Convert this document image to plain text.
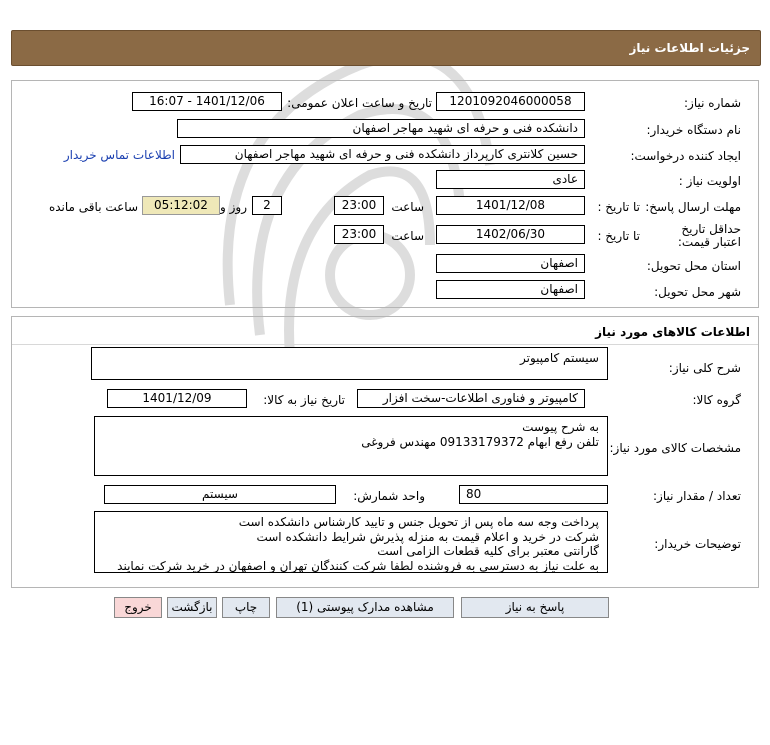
جزئیات اطلاعات نیاز
شماره نیاز:
1201092046000058
تاریخ و ساعت اعلان عمومی:
1401/12/06 - 16:07
نام دستگاه خریدار:
دانشکده فنی و حرفه ای شهید مهاجر اصفهان
ایجاد کننده درخواست:
حسین کلانتری کارپرداز دانشکده فنی و حرفه ای شهید مهاجر اصفهان
اطلاعات تماس خریدار
اولویت نیاز :
عادی
مهلت ارسال پاسخ:
تا تاریخ :
1401/12/08
ساعت
23:00
2
روز و
05:12:02
ساعت باقی مانده
حداقل تاریخ اعتبار قیمت:
تا تاریخ :
1402/06/30
ساعت
23:00
استان محل تحویل:
اصفهان
شهر محل تحویل:
اصفهان
اطلاعات کالاهای مورد نیاز
شرح کلی نیاز:
سیستم کامپیوتر
گروه کالا:
کامپیوتر و فناوری اطلاعات-سخت افزار
تاریخ نیاز به کالا:
1401/12/09
مشخصات کالای مورد نیاز:
به شرح پیوست
تلفن رفع ابهام 09133179372 مهندس فروغی
تعداد / مقدار نیاز:
80
واحد شمارش:
سیستم
توضیحات خریدار:
پرداخت وجه سه ماه پس از تحویل جنس و تایید کارشناس دانشکده است
شرکت در خرید و اعلام قیمت به منزله پذیرش شرایط دانشکده است
گارانتی معتبر برای کلیه قطعات الزامی است
به علت نیاز به دسترسی به فروشنده لطفا شرکت کنندگان تهران و اصفهان در خرید شرکت نمایند
پاسخ به نیاز
مشاهده مدارک پیوستی (1)
چاپ
بازگشت
خروج
